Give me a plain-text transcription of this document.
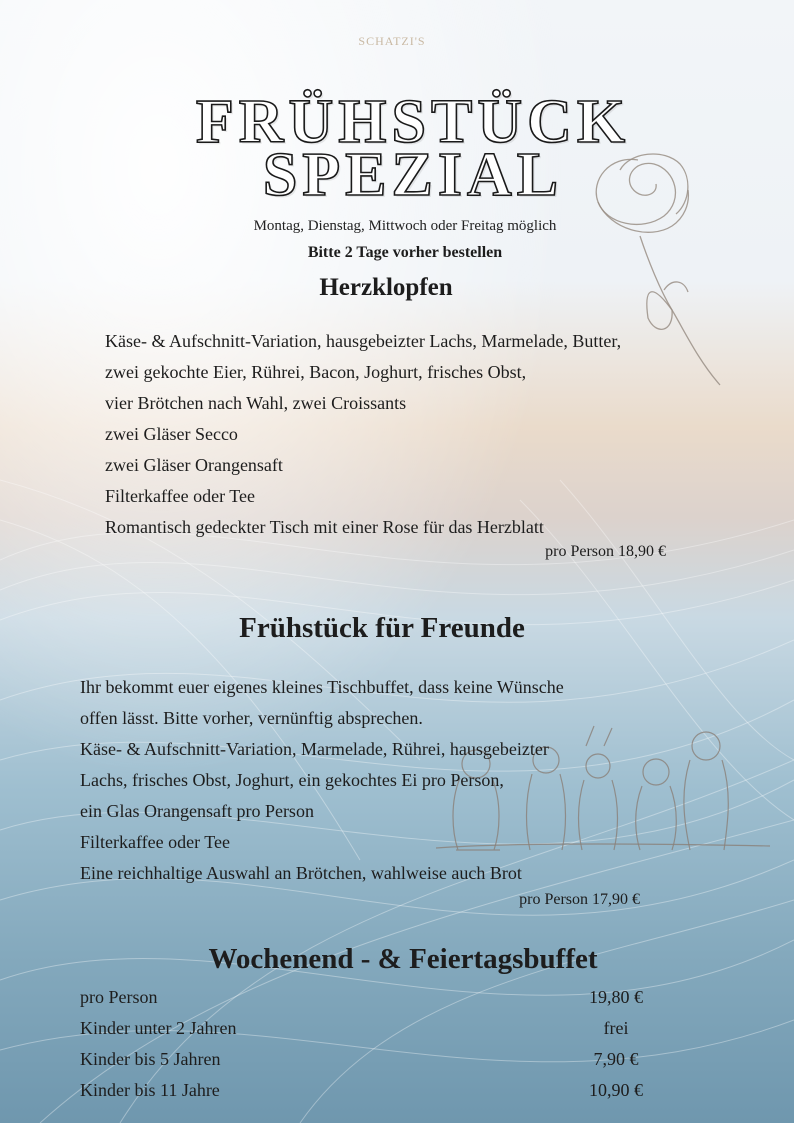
SCHATZI'S
FRÜHSTÜCK
SPEZIAL
Montag, Dienstag, Mittwoch oder Freitag möglich
Bitte 2 Tage vorher bestellen
Herzklopfen
Käse- & Aufschnitt-Variation, hausgebeizter Lachs, Marmelade, Butter,
zwei gekochte Eier, Rührei, Bacon, Joghurt, frisches Obst,
vier Brötchen nach Wahl, zwei Croissants
zwei Gläser Secco
zwei Gläser Orangensaft
Filterkaffee oder Tee
Romantisch gedeckter Tisch mit einer Rose für das Herzblatt
pro Person 18,90 €
Frühstück für Freunde
Ihr bekommt euer eigenes kleines Tischbuffet, dass keine Wünsche
offen lässt. Bitte vorher, vernünftig absprechen.
Käse- & Aufschnitt-Variation, Marmelade, Rührei, hausgebeizter
Lachs, frisches Obst, Joghurt, ein gekochtes Ei pro Person,
ein Glas Orangensaft pro Person
Filterkaffee oder Tee
Eine reichhaltige Auswahl an Brötchen, wahlweise auch Brot
pro Person 17,90 €
Wochenend - & Feiertagsbuffet
pro Person	19,80 €
Kinder unter 2 Jahren	frei
Kinder bis 5 Jahren	7,90 €
Kinder bis 11 Jahre	10,90 €
